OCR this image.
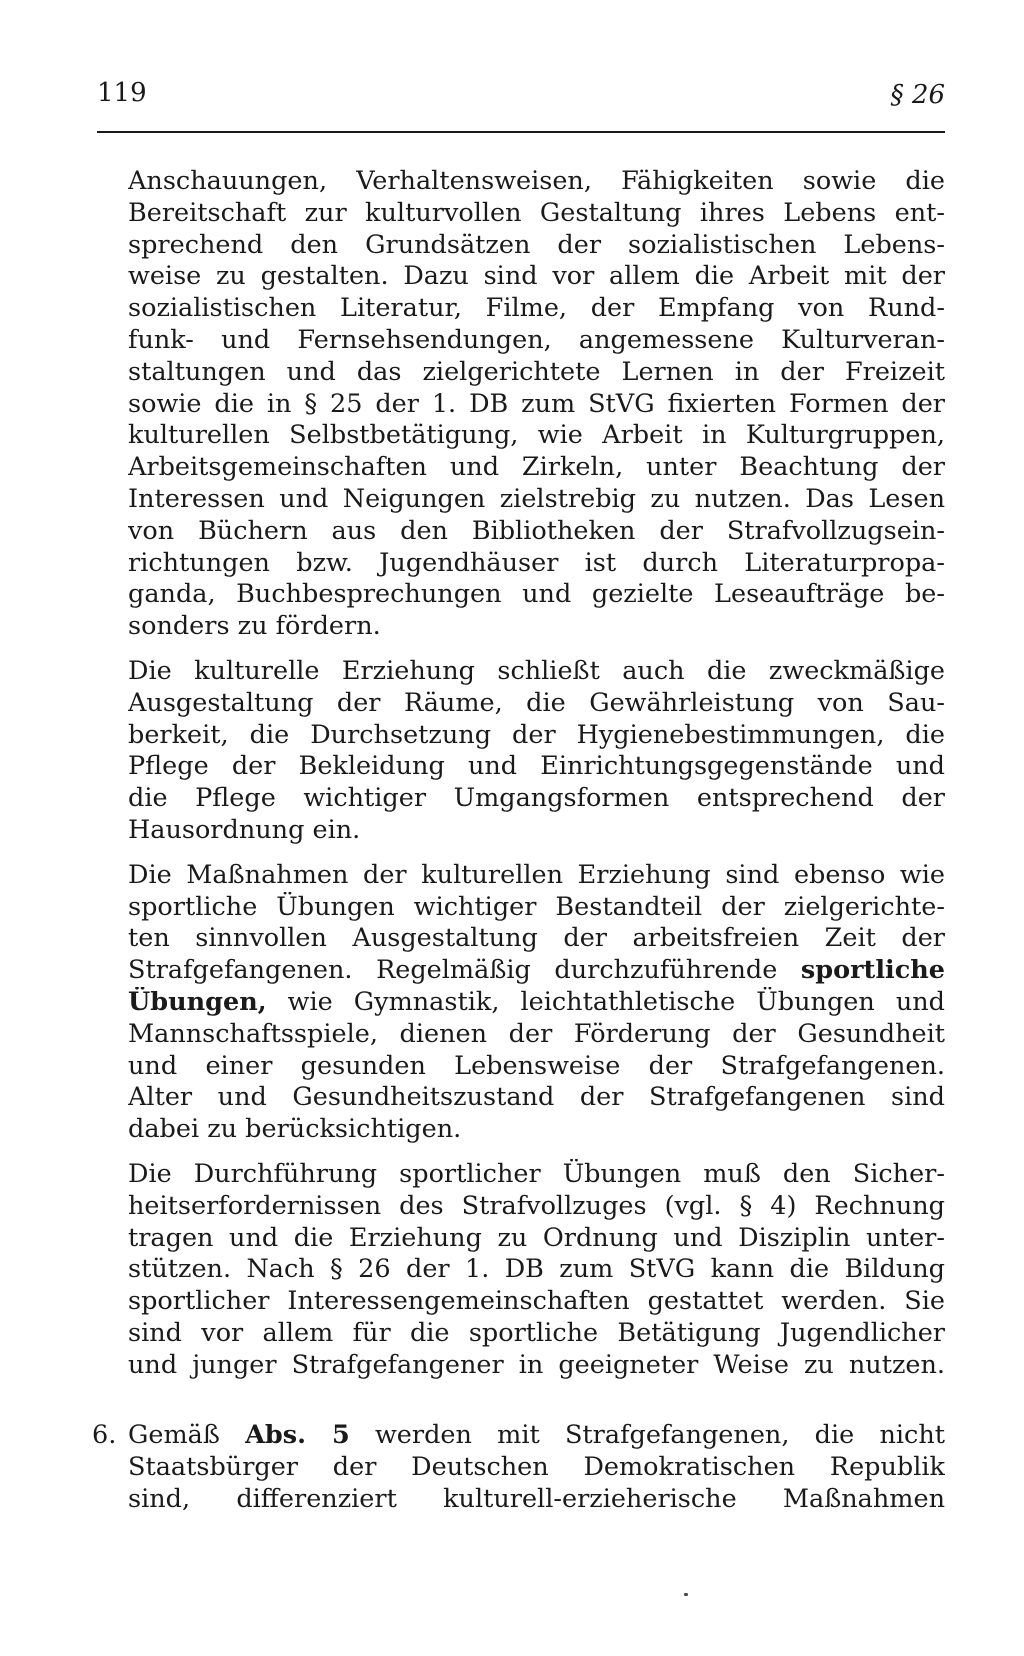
119	§ 26

Anschauungen, Verhaltensweisen, Fähigkeiten sowie die
Bereitschaft zur kulturvollen Gestaltung ihres Lebens ent-
sprechend den Grundsätzen der sozialistischen Lebens-
weise zu gestalten. Dazu sind vor allem die Arbeit mit der
sozialistischen Literatur, Filme, der Empfang von Rund-
funk- und Fernsehsendungen, angemessene Kulturveran-
staltungen und das zielgerichtete Lernen in der Freizeit
sowie die in § 25 der 1. DB zum StVG fixierten Formen der
kulturellen Selbstbetätigung, wie Arbeit in Kulturgruppen,
Arbeitsgemeinschaften und Zirkeln, unter Beachtung der
Interessen und Neigungen zielstrebig zu nutzen. Das Lesen
von Büchern aus den Bibliotheken der Strafvollzugsein-
richtungen bzw. Jugendhäuser ist durch Literaturpropa-
ganda, Buchbesprechungen und gezielte Leseaufträge be-
sonders zu fördern.

Die kulturelle Erziehung schließt auch die zweckmäßige
Ausgestaltung der Räume, die Gewährleistung von Sau-
berkeit, die Durchsetzung der Hygienebestimmungen, die
Pflege der Bekleidung und Einrichtungsgegenstände und
die Pflege wichtiger Umgangsformen entsprechend der
Hausordnung ein.

Die Maßnahmen der kulturellen Erziehung sind ebenso wie
sportliche Übungen wichtiger Bestandteil der zielgerichte-
ten sinnvollen Ausgestaltung der arbeitsfreien Zeit der
Strafgefangenen. Regelmäßig durchzuführende sportliche
Übungen, wie Gymnastik, leichtathletische Übungen und
Mannschaftsspiele, dienen der Förderung der Gesundheit
und einer gesunden Lebensweise der Strafgefangenen.
Alter und Gesundheitszustand der Strafgefangenen sind
dabei zu berücksichtigen.

Die Durchführung sportlicher Übungen muß den Sicher-
heitserfordernissen des Strafvollzuges (vgl. § 4) Rechnung
tragen und die Erziehung zu Ordnung und Disziplin unter-
stützen. Nach § 26 der 1. DB zum StVG kann die Bildung
sportlicher Interessengemeinschaften gestattet werden. Sie
sind vor allem für die sportliche Betätigung Jugendlicher
und junger Strafgefangener in geeigneter Weise zu nutzen.

6. Gemäß Abs. 5 werden mit Strafgefangenen, die nicht
Staatsbürger der Deutschen Demokratischen Republik
sind, differenziert kulturell-erzieherische Maßnahmen
